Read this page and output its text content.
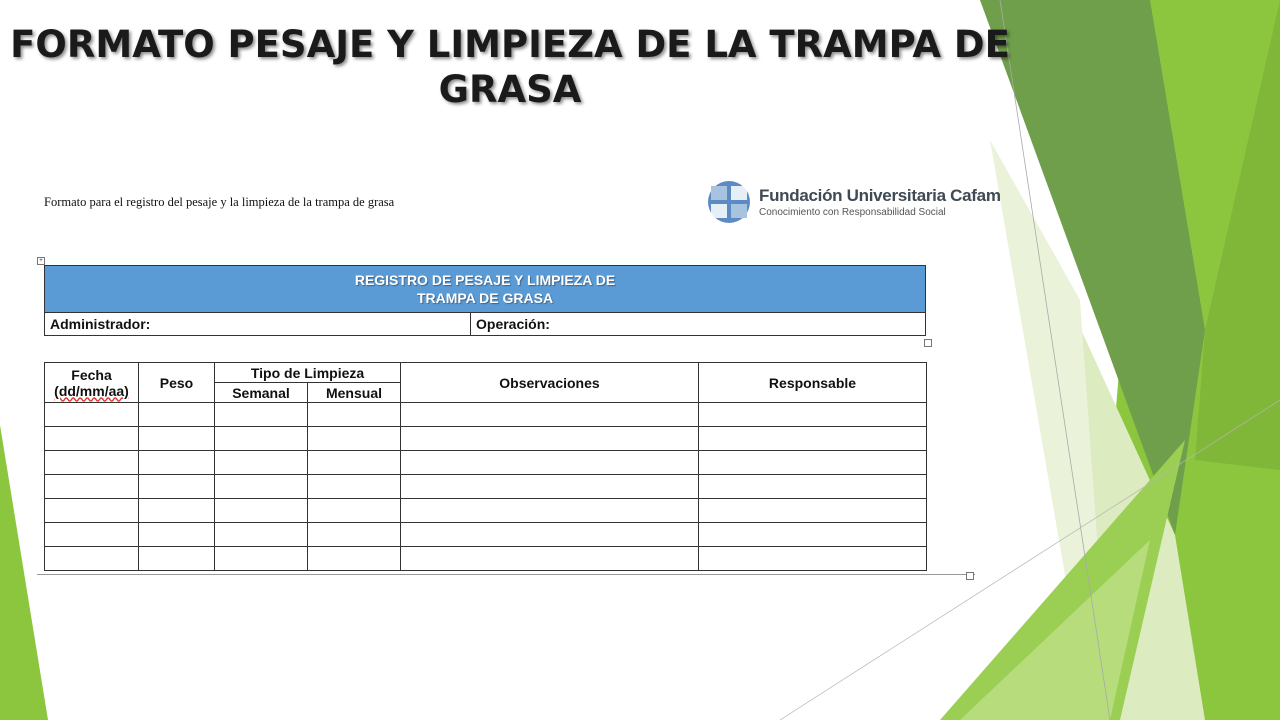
FORMATO PESAJE Y LIMPIEZA DE LA TRAMPA DE
GRASA
Formato para el registro del pesaje y la limpieza de la trampa de grasa	Fundación Universitaria Cafam
Conocimiento con Responsabilidad Social
+
REGISTRO DE PESAJE Y LIMPIEZA DE
TRAMPA DE GRASA

Administrador:	Operación:
Fecha
(dd/mm/aa)	Peso	Tipo de Limpieza		Observaciones	Responsable
		Semanal	Mensual		
